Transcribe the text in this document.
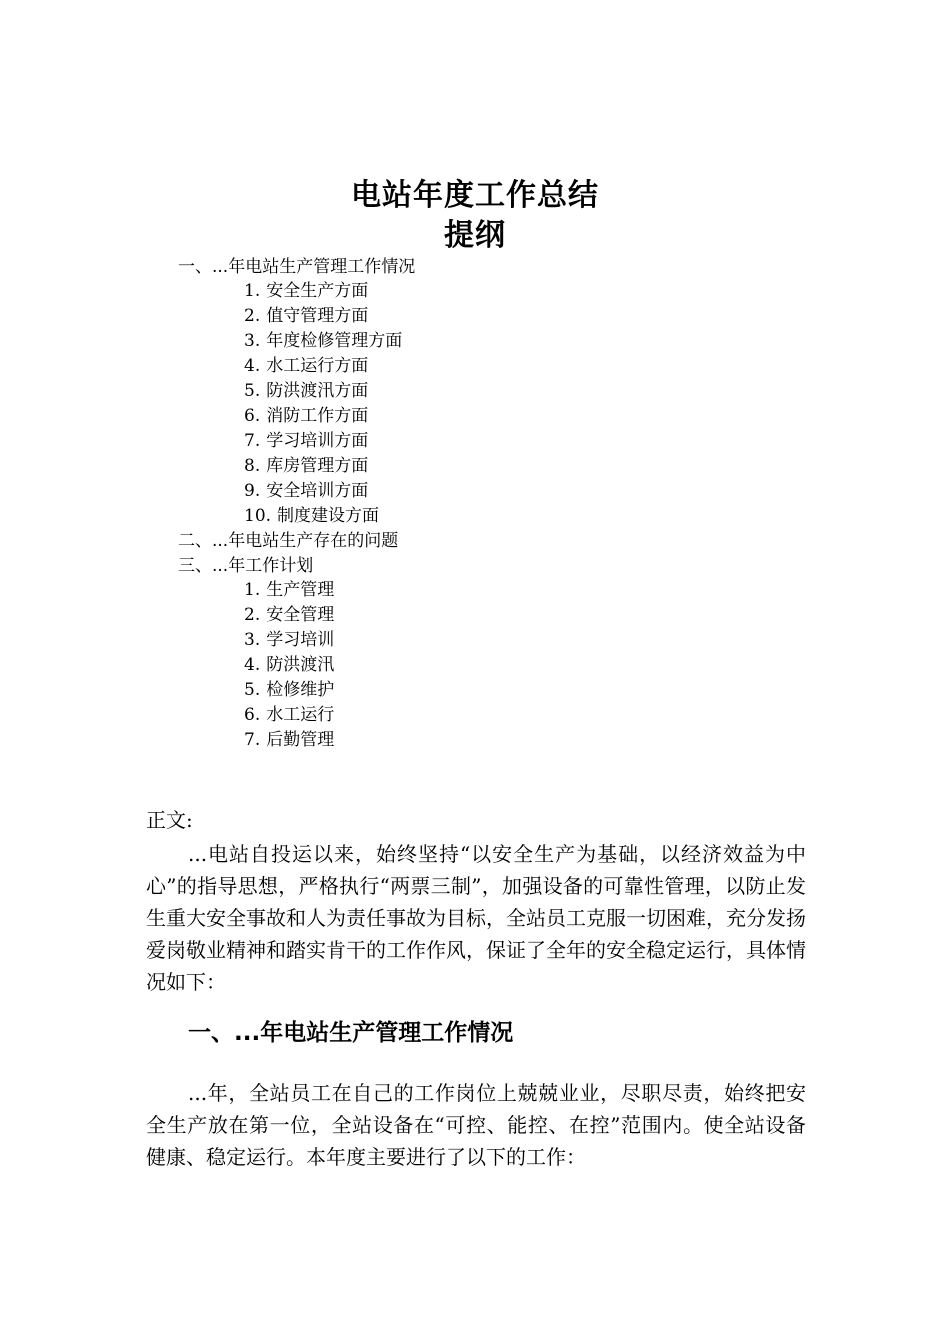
电站年度工作总结
提纲
一、...年电站生产管理工作情况
1. 安全生产方面
2. 值守管理方面
3. 年度检修管理方面
4. 水工运行方面
5. 防洪渡汛方面
6. 消防工作方面
7. 学习培训方面
8. 库房管理方面
9. 安全培训方面
10. 制度建设方面
二、...年电站生产存在的问题
三、...年工作计划
1. 生产管理
2. 安全管理
3. 学习培训
4. 防洪渡汛
5. 检修维护
6. 水工运行
7. 后勤管理
正文:
...电站自投运以来，始终坚持“以安全生产为基础，以经济效益为中心”的指导思想，严格执行“两票三制”，加强设备的可靠性管理，以防止发生重大安全事故和人为责任事故为目标，全站员工克服一切困难，充分发扬爱岗敬业精神和踏实肯干的工作作风，保证了全年的安全稳定运行，具体情况如下：
一、...年电站生产管理工作情况
...年，全站员工在自己的工作岗位上兢兢业业，尽职尽责，始终把安全生产放在第一位，全站设备在“可控、能控、在控”范围内。使全站设备健康、稳定运行。本年度主要进行了以下的工作：
